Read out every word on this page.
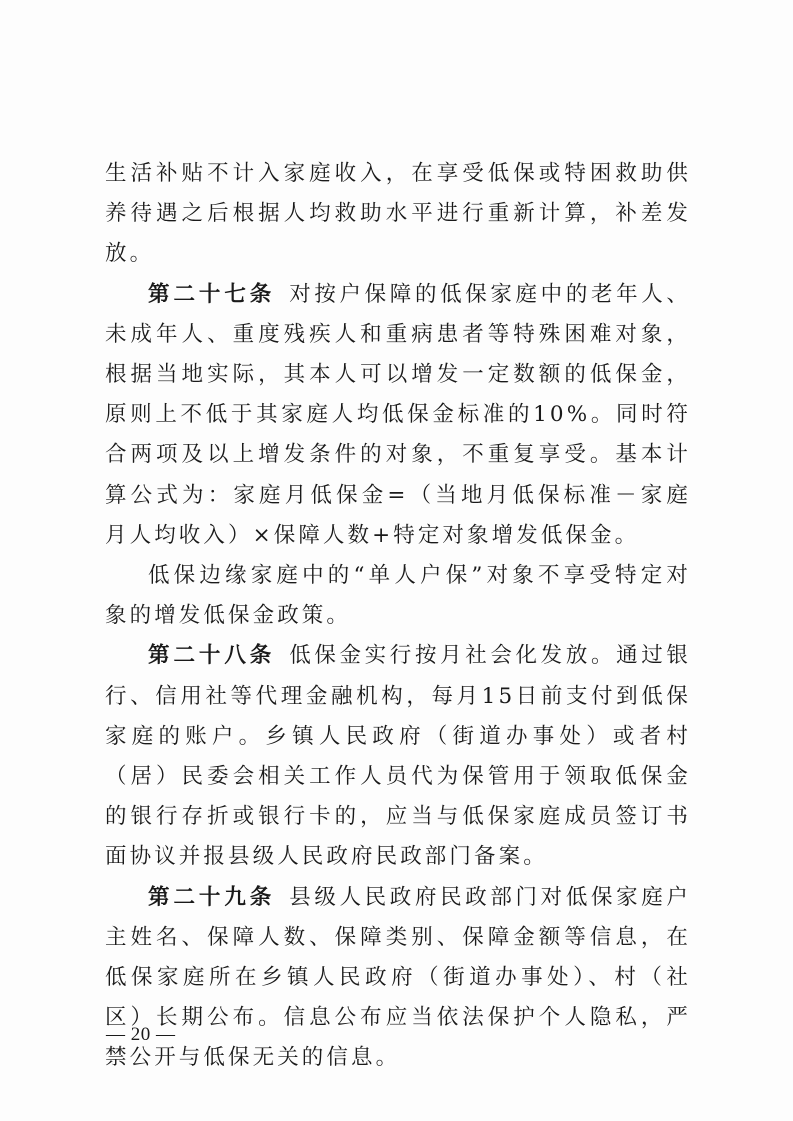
生活补贴不计入家庭收入，在享受低保或特困救助供养待遇之后根据人均救助水平进行重新计算，补差发放。

第二十七条 对按户保障的低保家庭中的老年人、未成年人、重度残疾人和重病患者等特殊困难对象，根据当地实际，其本人可以增发一定数额的低保金，原则上不低于其家庭人均低保金标准的10%。同时符合两项及以上增发条件的对象，不重复享受。基本计算公式为：家庭月低保金=（当地月低保标准－家庭月人均收入）×保障人数+特定对象增发低保金。

低保边缘家庭中的“单人户保”对象不享受特定对象的增发低保金政策。

第二十八条 低保金实行按月社会化发放。通过银行、信用社等代理金融机构，每月15日前支付到低保家庭的账户。乡镇人民政府（街道办事处）或者村（居）民委会相关工作人员代为保管用于领取低保金的银行存折或银行卡的，应当与低保家庭成员签订书面协议并报县级人民政府民政部门备案。

第二十九条 县级人民政府民政部门对低保家庭户主姓名、保障人数、保障类别、保障金额等信息，在低保家庭所在乡镇人民政府（街道办事处）、村（社区）长期公布。信息公布应当依法保护个人隐私，严禁公开与低保无关的信息。

— 20 —
